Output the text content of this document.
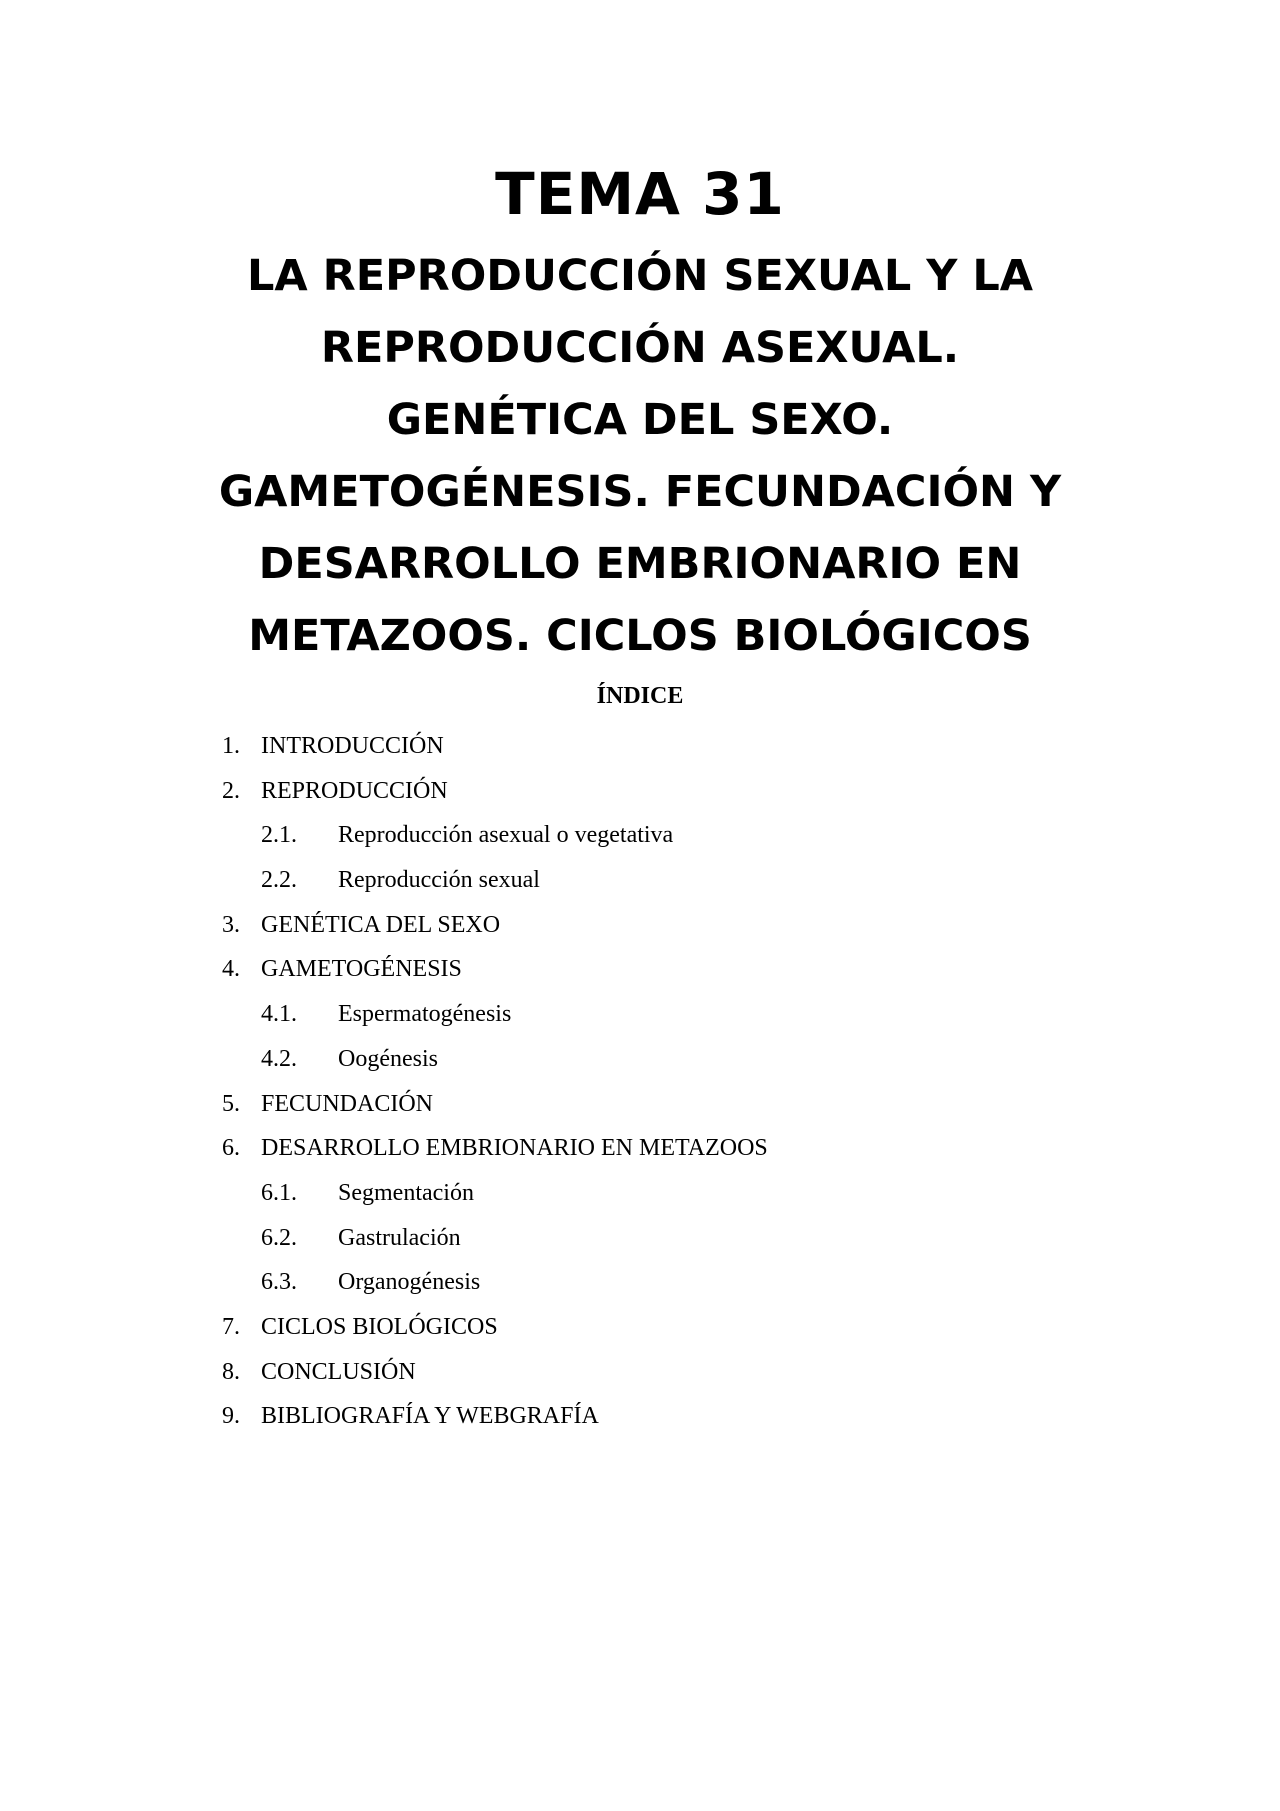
TEMA 31
LA REPRODUCCIÓN SEXUAL Y LA
REPRODUCCIÓN ASEXUAL.
GENÉTICA DEL SEXO.
GAMETOGÉNESIS. FECUNDACIÓN Y
DESARROLLO EMBRIONARIO EN
METAZOOS. CICLOS BIOLÓGICOS
ÍNDICE
1. INTRODUCCIÓN
2. REPRODUCCIÓN
2.1. Reproducción asexual o vegetativa
2.2. Reproducción sexual
3. GENÉTICA DEL SEXO
4. GAMETOGÉNESIS
4.1. Espermatogénesis
4.2. Oogénesis
5. FECUNDACIÓN
6. DESARROLLO EMBRIONARIO EN METAZOOS
6.1. Segmentación
6.2. Gastrulación
6.3. Organogénesis
7. CICLOS BIOLÓGICOS
8. CONCLUSIÓN
9. BIBLIOGRAFÍA Y WEBGRAFÍA
